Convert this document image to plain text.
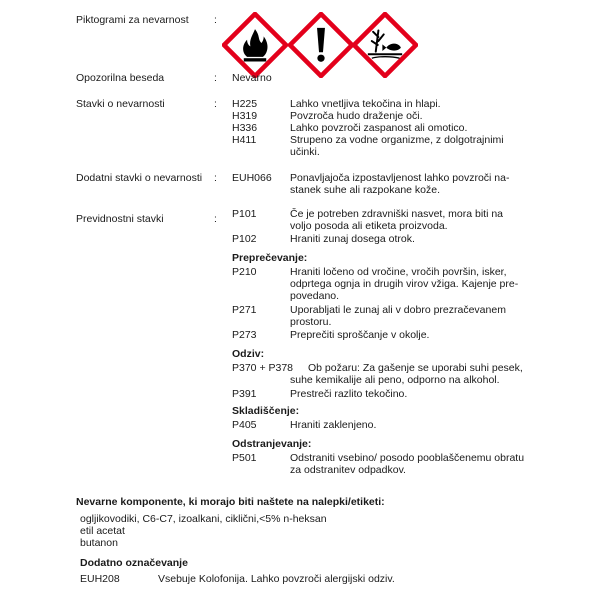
Piktogrami za nevarnost :
Opozorilna beseda	: Nevarno
Stavki o nevarnosti	: H225	Lahko vnetljiva tekočina in hlapi.
H319	Povzroča hudo draženje oči.
H336	Lahko povzroči zaspanost ali omotico.
H411	Strupeno za vodne organizme, z dolgotrajnimi
učinki.
Dodatni stavki o nevarnosti : EUH066 Ponavljajoča izpostavljenost lahko povzroči na-
stanek suhe ali razpokane kože.
Previdnostni stavki	: P101	Če je potreben zdravniški nasvet, mora biti na
voljo posoda ali etiketa proizvoda.
P102	Hraniti zunaj dosega otrok.
Preprečevanje:
P210	Hraniti ločeno od vročine, vročih površin, isker,
odprtega ognja in drugih virov vžiga. Kajenje pre-
povedano.
P271	Uporabljati le zunaj ali v dobro prezračevanem
prostoru.
P273	Preprečiti sproščanje v okolje.
Odziv:
P370 + P378 Ob požaru: Za gašenje se uporabi suhi pesek,
suhe kemikalije ali peno, odporno na alkohol.
P391	Prestreči razlito tekočino.
Skladiščenje:
P405	Hraniti zaklenjeno.
Odstranjevanje:
P501	Odstraniti vsebino/ posodo pooblaščenemu obratu
za odstranitev odpadkov.
Nevarne komponente, ki morajo biti naštete na nalepki/etiketi:
ogljikovodiki, C6-C7, izoalkani, ciklični,<5% n-heksan
etil acetat
butanon
Dodatno označevanje
EUH208	Vsebuje Kolofonija. Lahko povzroči alergijski odziv.
